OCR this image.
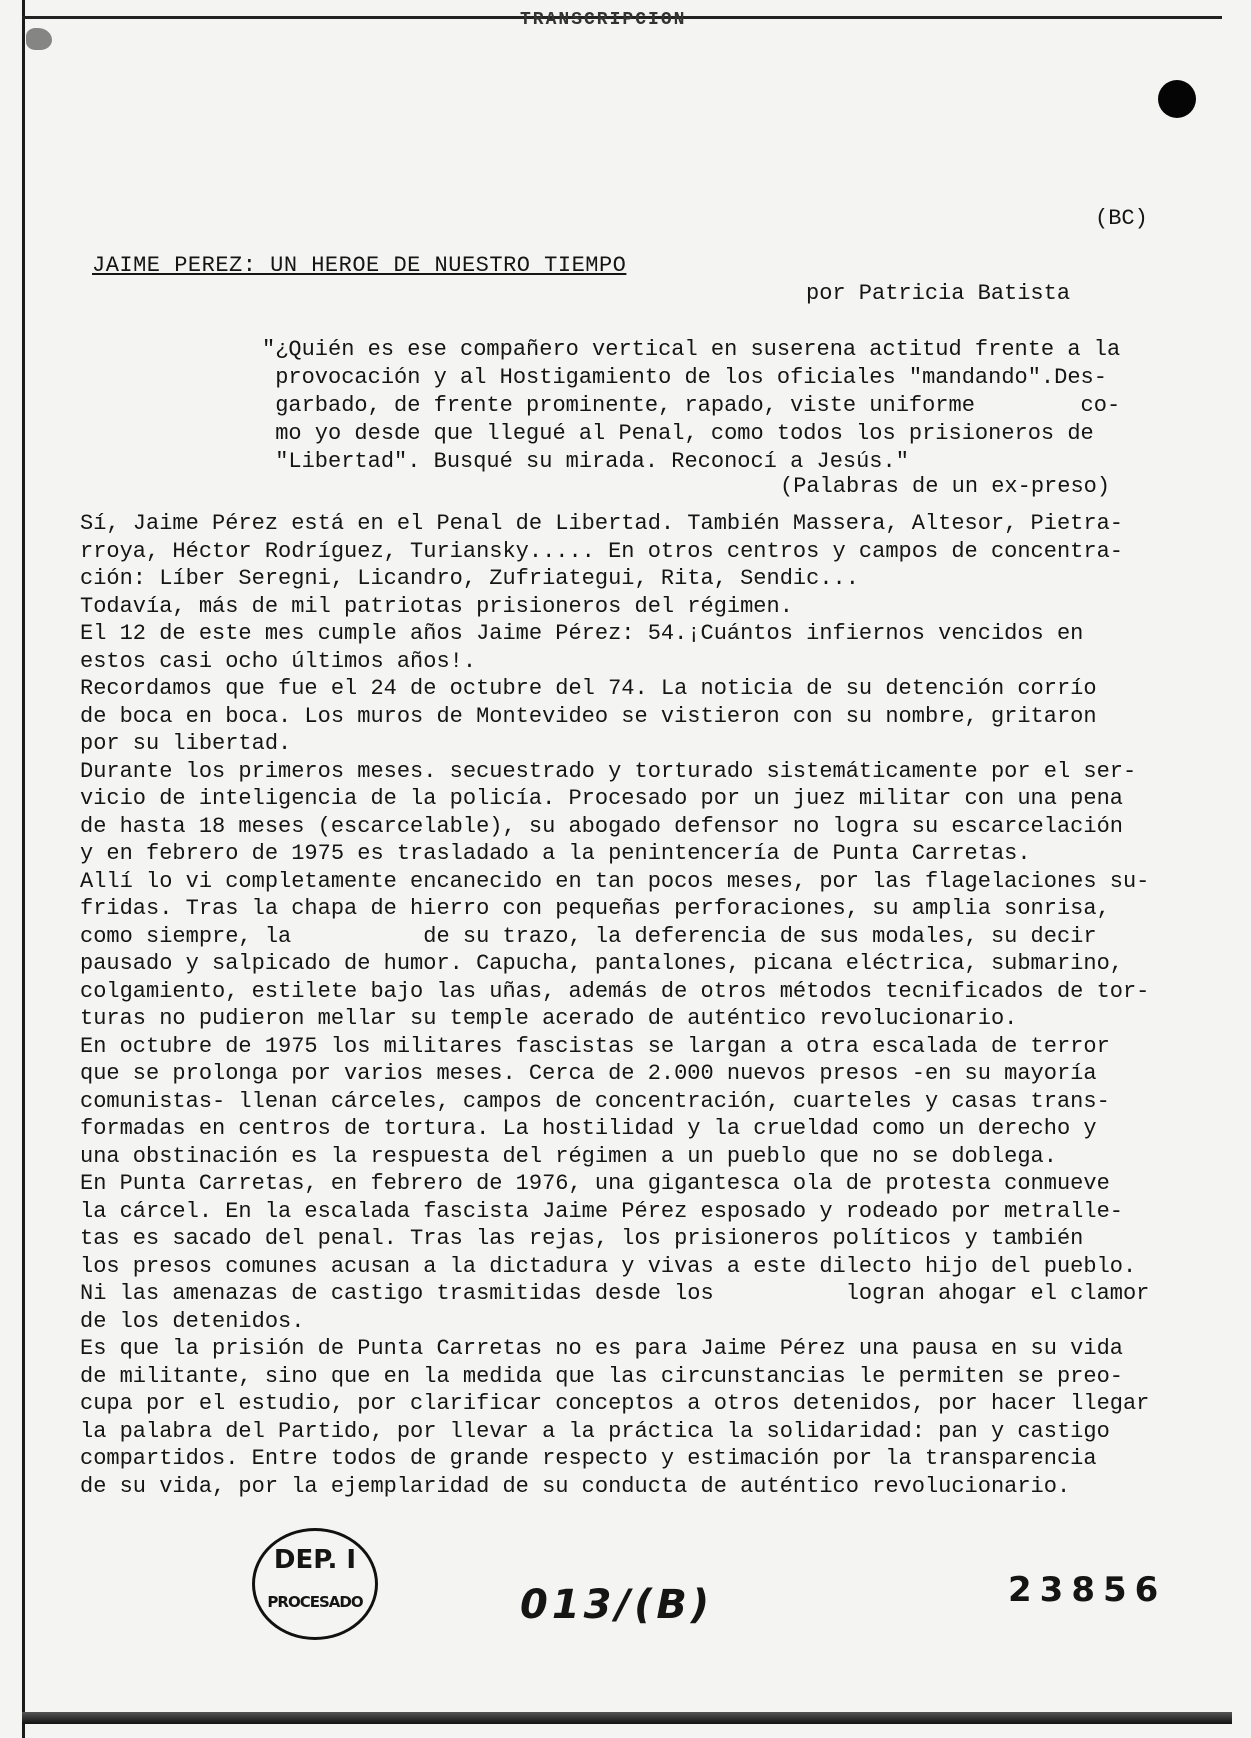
TRANSCRIPCION
(BC)
JAIME PEREZ: UN HEROE DE NUESTRO TIEMPO
por Patricia Batista

"¿Quién es ese compañero vertical en suserena actitud frente a la

provocación y al Hostigamiento de los oficiales "mandando".Des-

garbado, de frente prominente, rapado, viste uniforme        co-

mo yo desde que llegué al Penal, como todos los prisioneros de

"Libertad". Busqué su mirada. Reconocí a Jesús."

(Palabras de un ex-preso)

Sí, Jaime Pérez está en el Penal de Libertad. También Massera, Altesor, Pietra-

rroya, Héctor Rodríguez, Turiansky..... En otros centros y campos de concentra-

ción: Líber Seregni, Licandro, Zufriategui, Rita, Sendic...

Todavía, más de mil patriotas prisioneros del régimen.

El 12 de este mes cumple años Jaime Pérez: 54.¡Cuántos infiernos vencidos en

estos casi ocho últimos años!.

Recordamos que fue el 24 de octubre del 74. La noticia de su detención corrío

de boca en boca. Los muros de Montevideo se vistieron con su nombre, gritaron

por su libertad.

Durante los primeros meses. secuestrado y torturado sistemáticamente por el ser-

vicio de inteligencia de la policía. Procesado por un juez militar con una pena

de hasta 18 meses (escarcelable), su abogado defensor no logra su escarcelación

y en febrero de 1975 es trasladado a la penintencería de Punta Carretas.

Allí lo vi completamente encanecido en tan pocos meses, por las flagelaciones su-

fridas. Tras la chapa de hierro con pequeñas perforaciones, su amplia sonrisa,

como siempre, la          de su trazo, la deferencia de sus modales, su decir

pausado y salpicado de humor. Capucha, pantalones, picana eléctrica, submarino,

colgamiento, estilete bajo las uñas, además de otros métodos tecnificados de tor-

turas no pudieron mellar su temple acerado de auténtico revolucionario.

En octubre de 1975 los militares fascistas se largan a otra escalada de terror

que se prolonga por varios meses. Cerca de 2.000 nuevos presos -en su mayoría

comunistas- llenan cárceles, campos de concentración, cuarteles y casas trans-

formadas en centros de tortura. La hostilidad y la crueldad como un derecho y

una obstinación es la respuesta del régimen a un pueblo que no se doblega.

En Punta Carretas, en febrero de 1976, una gigantesca ola de protesta conmueve

la cárcel. En la escalada fascista Jaime Pérez esposado y rodeado por metralle-

tas es sacado del penal. Tras las rejas, los prisioneros políticos y también

los presos comunes acusan a la dictadura y vivas a este dilecto hijo del pueblo.

Ni las amenazas de castigo trasmitidas desde los          logran ahogar el clamor

de los detenidos.

Es que la prisión de Punta Carretas no es para Jaime Pérez una pausa en su vida

de militante, sino que en la medida que las circunstancias le permiten se preo-

cupa por el estudio, por clarificar conceptos a otros detenidos, por hacer llegar

la palabra del Partido, por llevar a la práctica la solidaridad: pan y castigo

compartidos. Entre todos de grande respecto y estimación por la transparencia

de su vida, por la ejemplaridad de su conducta de auténtico revolucionario.

DEP. I
PROCESADO	013/(B)	23856
